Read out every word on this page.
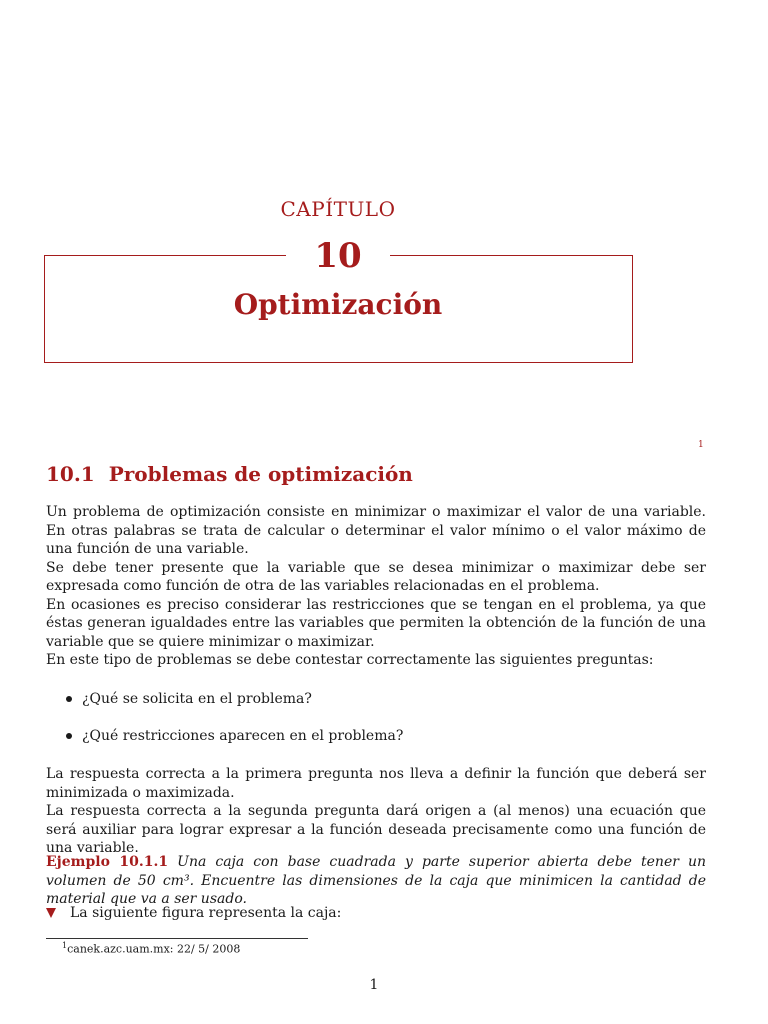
CAPÍTULO
10
Optimización
1
10.1 Problemas de optimización
Un problema de optimización consiste en minimizar o maximizar el valor de una variable. En otras palabras se trata de calcular o determinar el valor mínimo o el valor máximo de una función de una variable.
Se debe tener presente que la variable que se desea minimizar o maximizar debe ser expresada como función de otra de las variables relacionadas en el problema.
En ocasiones es preciso considerar las restricciones que se tengan en el problema, ya que éstas generan igualdades entre las variables que permiten la obtención de la función de una variable que se quiere minimizar o maximizar.
En este tipo de problemas se debe contestar correctamente las siguientes preguntas:
¿Qué se solicita en el problema?
¿Qué restricciones aparecen en el problema?
La respuesta correcta a la primera pregunta nos lleva a definir la función que deberá ser minimizada o maximizada.
La respuesta correcta a la segunda pregunta dará origen a (al menos) una ecuación que será auxiliar para lograr expresar a la función deseada precisamente como una función de una variable.
Ejemplo 10.1.1 Una caja con base cuadrada y parte superior abierta debe tener un volumen de 50 cm³. Encuentre las dimensiones de la caja que minimicen la cantidad de material que va a ser usado.
La siguiente figura representa la caja:
$^1$canek.azc.uam.mx: 22/ 5/ 2008
1
